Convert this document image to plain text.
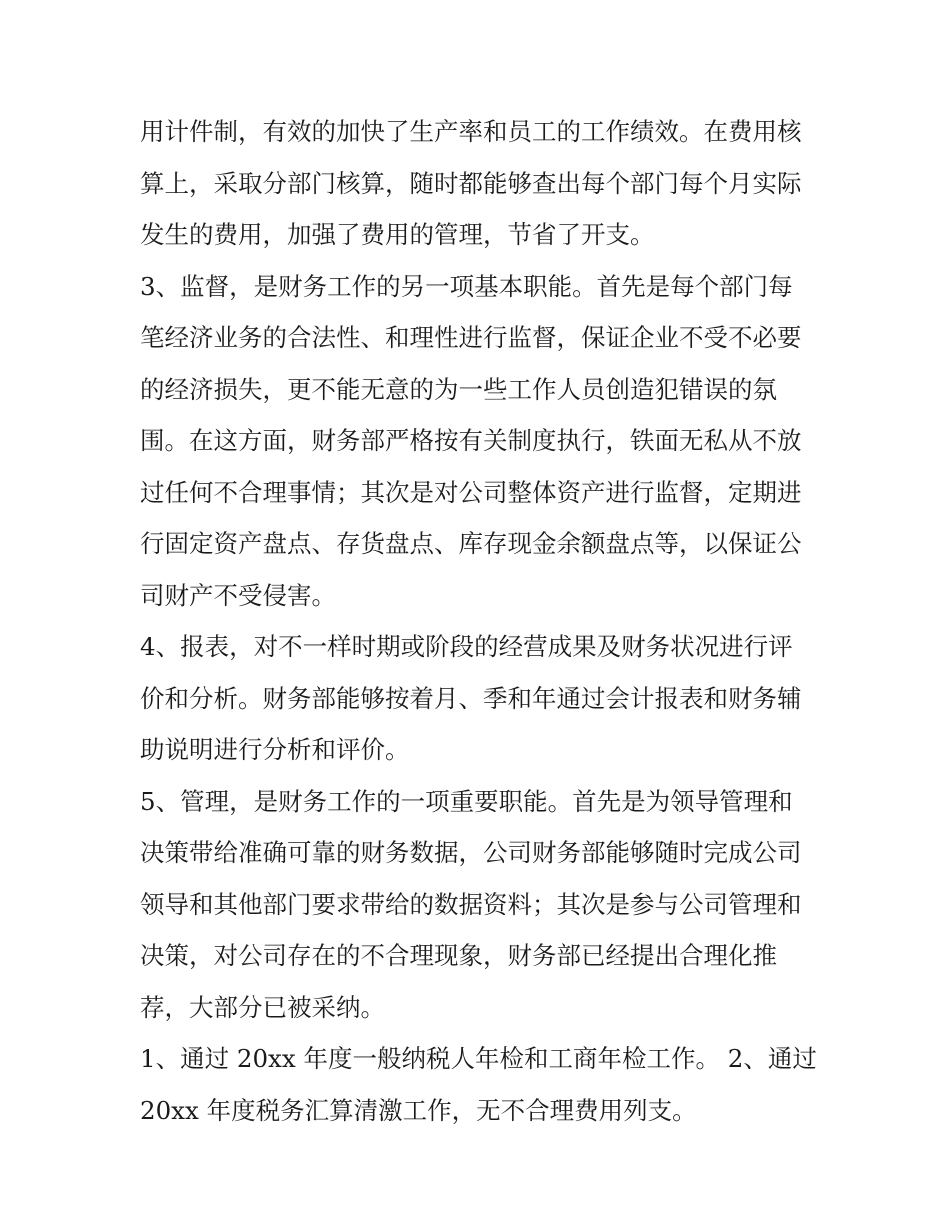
用计件制，有效的加快了生产率和员工的工作绩效。在费用核
算上，采取分部门核算，随时都能够查出每个部门每个月实际
发生的费用，加强了费用的管理，节省了开支。
3、监督，是财务工作的另一项基本职能。首先是每个部门每
笔经济业务的合法性、和理性进行监督，保证企业不受不必要
的经济损失，更不能无意的为一些工作人员创造犯错误的氛
围。在这方面，财务部严格按有关制度执行，铁面无私从不放
过任何不合理事情；其次是对公司整体资产进行监督，定期进
行固定资产盘点、存货盘点、库存现金余额盘点等，以保证公
司财产不受侵害。
4、报表，对不一样时期或阶段的经营成果及财务状况进行评
价和分析。财务部能够按着月、季和年通过会计报表和财务辅
助说明进行分析和评价。
5、管理，是财务工作的一项重要职能。首先是为领导管理和
决策带给准确可靠的财务数据，公司财务部能够随时完成公司
领导和其他部门要求带给的数据资料；其次是参与公司管理和
决策，对公司存在的不合理现象，财务部已经提出合理化推
荐，大部分已被采纳。
1、通过 20xx 年度一般纳税人年检和工商年检工作。 2、通过
20xx 年度税务汇算清激工作，无不合理费用列支。
